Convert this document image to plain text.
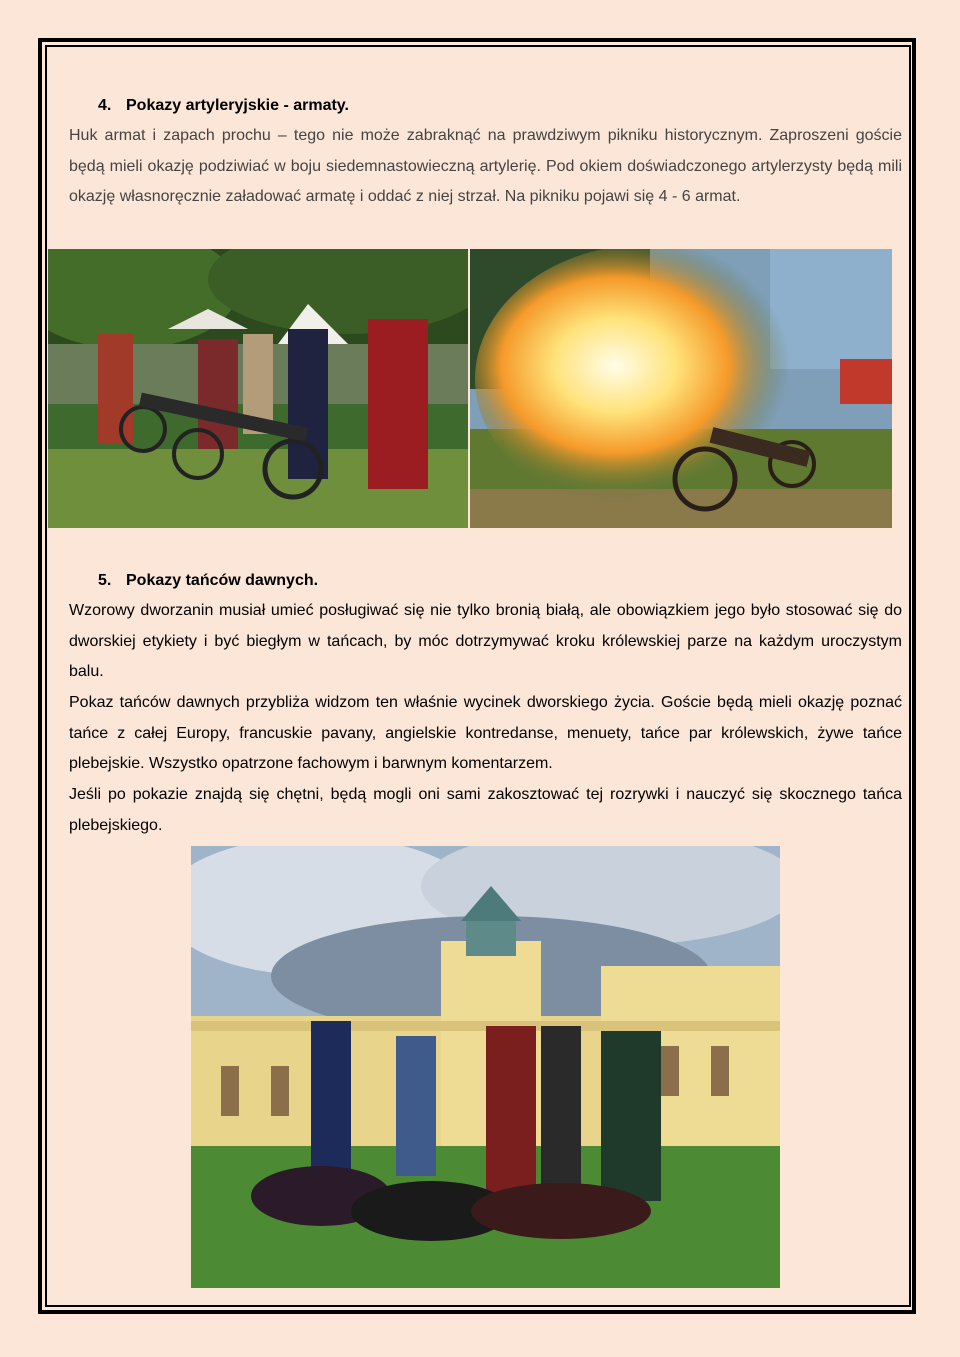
4. Pokazy artyleryjskie - armaty.
Huk armat i zapach prochu – tego nie może zabraknąć na prawdziwym pikniku historycznym. Zaproszeni goście będą mieli okazję podziwiać w boju siedemnastowieczną artylerię. Pod okiem doświadczonego artylerzysty będą mili okazję własnoręcznie załadować armatę i oddać z niej strzał. Na pikniku pojawi się 4 - 6 armat.
5. Pokazy tańców dawnych.
Wzorowy dworzanin musiał umieć posługiwać się nie tylko bronią białą, ale obowiązkiem jego było stosować się do dworskiej etykiety i być biegłym w tańcach, by móc dotrzymywać kroku królewskiej parze na każdym uroczystym balu.
Pokaz tańców dawnych przybliża widzom ten właśnie wycinek dworskiego życia. Goście będą mieli okazję poznać tańce z całej Europy, francuskie pavany, angielskie kontredanse, menuety, tańce par królewskich, żywe tańce plebejskie. Wszystko opatrzone fachowym i barwnym komentarzem.
Jeśli po pokazie znajdą się chętni, będą mogli oni sami zakosztować tej rozrywki i nauczyć się skocznego tańca plebejskiego.
